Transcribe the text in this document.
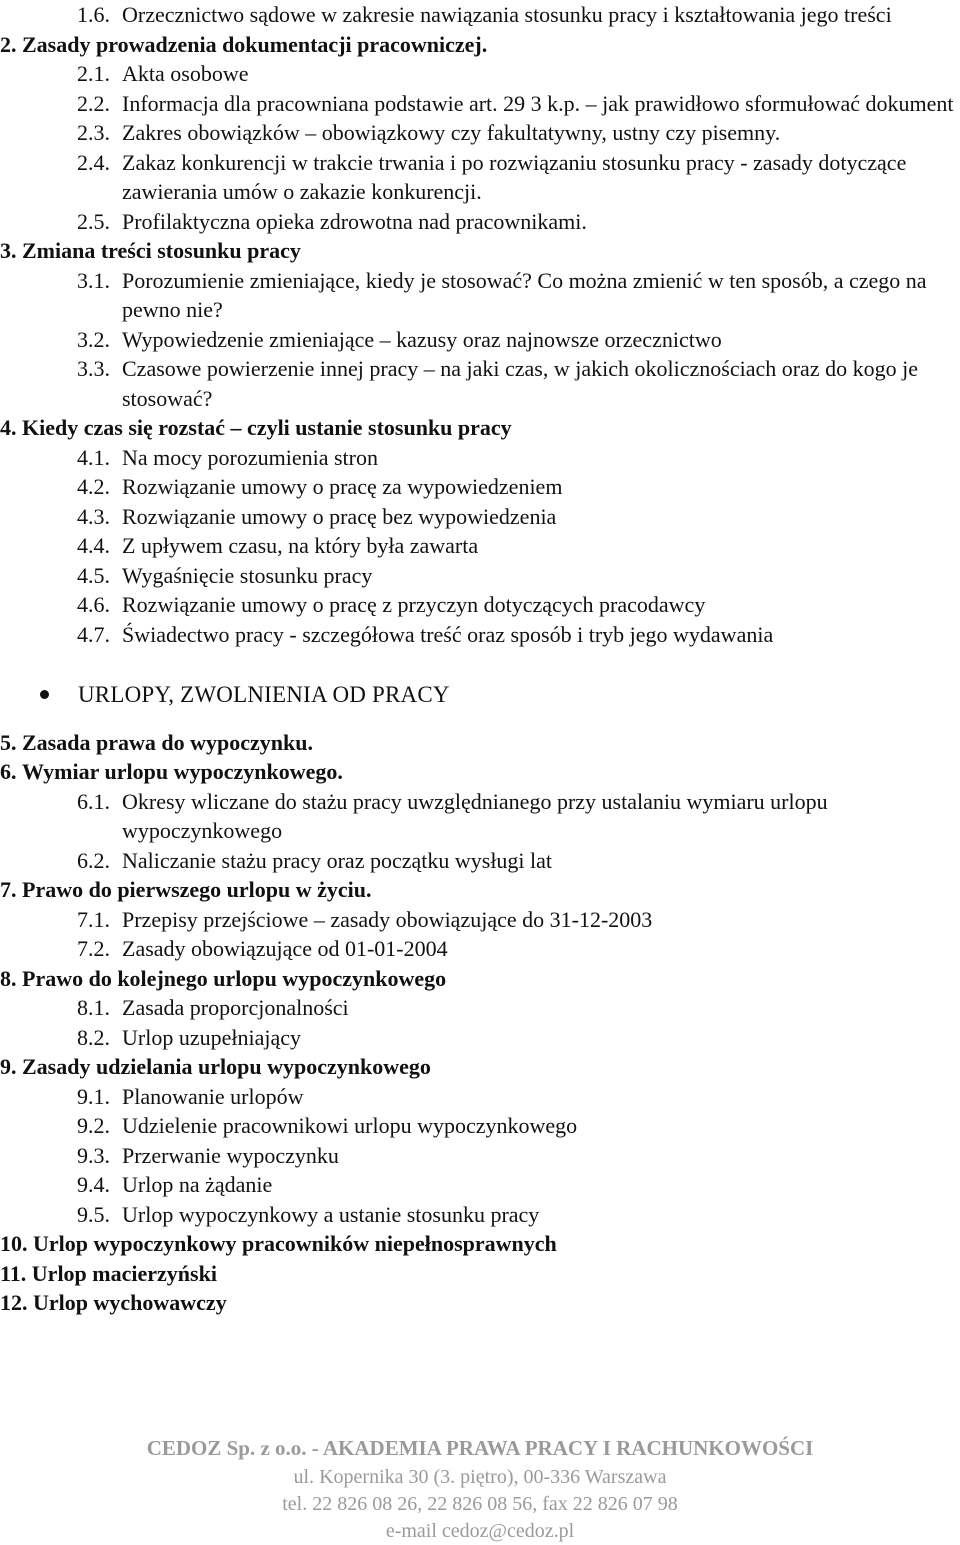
1.6. Orzecznictwo sądowe w zakresie nawiązania stosunku pracy i kształtowania jego treści
2. Zasady prowadzenia dokumentacji pracowniczej.
2.1. Akta osobowe
2.2. Informacja dla pracowniana podstawie art. 29 3 k.p. – jak prawidłowo sformułować dokument
2.3. Zakres obowiązków – obowiązkowy czy fakultatywny, ustny czy pisemny.
2.4. Zakaz konkurencji w trakcie trwania i po rozwiązaniu stosunku pracy - zasady dotyczące zawierania umów o zakazie konkurencji.
2.5. Profilaktyczna opieka zdrowotna nad pracownikami.
3. Zmiana treści stosunku pracy
3.1. Porozumienie zmieniające, kiedy je stosować? Co można zmienić w ten sposób, a czego na pewno nie?
3.2. Wypowiedzenie zmieniające – kazusy oraz najnowsze orzecznictwo
3.3. Czasowe powierzenie innej pracy – na jaki czas, w jakich okolicznościach oraz do kogo je stosować?
4. Kiedy czas się rozstać – czyli ustanie stosunku pracy
4.1. Na mocy porozumienia stron
4.2. Rozwiązanie umowy o pracę za wypowiedzeniem
4.3. Rozwiązanie umowy o pracę bez wypowiedzenia
4.4. Z upływem czasu, na który była zawarta
4.5. Wygaśnięcie stosunku pracy
4.6. Rozwiązanie umowy o pracę z przyczyn dotyczących pracodawcy
4.7. Świadectwo pracy - szczegółowa treść oraz sposób i tryb jego wydawania
URLOPY, ZWOLNIENIA OD PRACY
5. Zasada prawa do wypoczynku.
6. Wymiar urlopu wypoczynkowego.
6.1. Okresy wliczane do stażu pracy uwzględnianego przy ustalaniu wymiaru urlopu wypoczynkowego
6.2. Naliczanie stażu pracy oraz początku wysługi lat
7. Prawo do pierwszego urlopu w życiu.
7.1. Przepisy przejściowe – zasady obowiązujące do 31-12-2003
7.2. Zasady obowiązujące od 01-01-2004
8. Prawo do kolejnego urlopu wypoczynkowego
8.1. Zasada proporcjonalności
8.2. Urlop uzupełniający
9. Zasady udzielania urlopu wypoczynkowego
9.1. Planowanie urlopów
9.2. Udzielenie pracownikowi urlopu wypoczynkowego
9.3. Przerwanie wypoczynku
9.4. Urlop na żądanie
9.5. Urlop wypoczynkowy a ustanie stosunku pracy
10. Urlop wypoczynkowy pracowników niepełnosprawnych
11. Urlop macierzyński
12. Urlop wychowawczy
CEDOZ Sp. z o.o. - AKADEMIA PRAWA PRACY I RACHUNKOWOŚCI
ul. Kopernika 30 (3. piętro), 00-336 Warszawa
tel. 22 826 08 26, 22 826 08 56, fax 22 826 07 98
e-mail cedoz@cedoz.pl
